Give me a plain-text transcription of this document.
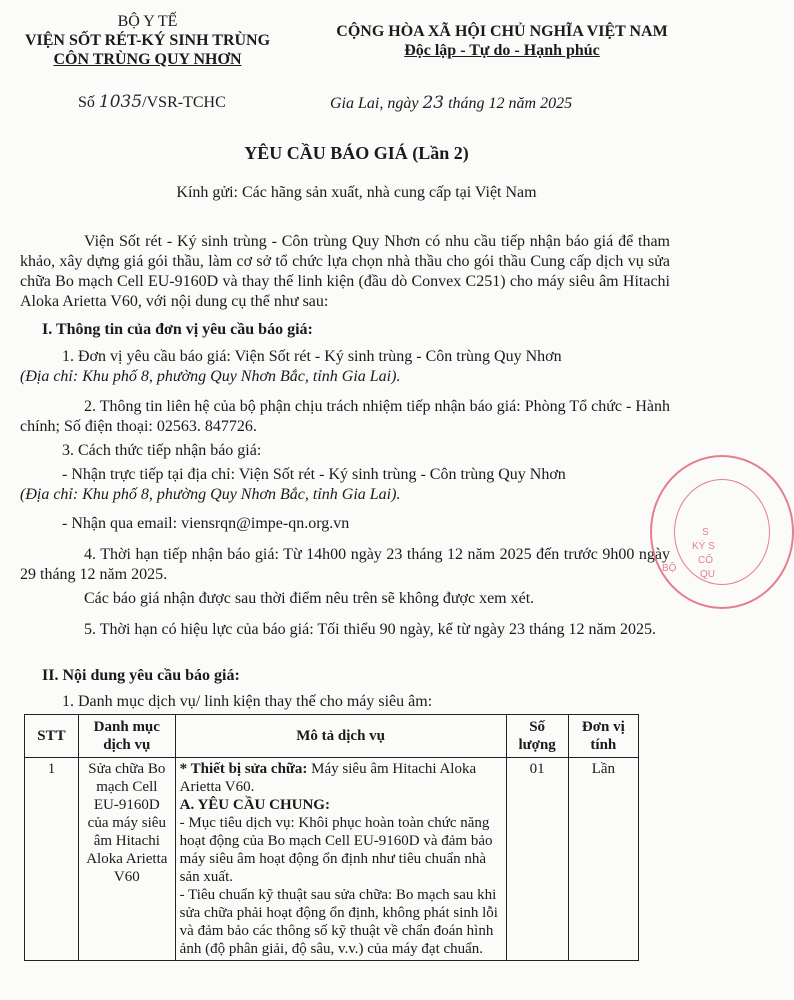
BỘ Y TẾ
VIỆN SỐT RÉT-KÝ SINH TRÙNG
CÔN TRÙNG QUY NHƠN
Số 1035/VSR-TCHC
CỘNG HÒA XÃ HỘI CHỦ NGHĨA VIỆT NAM
Độc lập - Tự do - Hạnh phúc
Gia Lai, ngày 23 tháng 12 năm 2025
YÊU CẦU BÁO GIÁ (Lần 2)
Kính gửi: Các hãng sản xuất, nhà cung cấp tại Việt Nam
Viện Sốt rét - Ký sinh trùng - Côn trùng Quy Nhơn có nhu cầu tiếp nhận báo giá để tham khảo, xây dựng giá gói thầu, làm cơ sở tổ chức lựa chọn nhà thầu cho gói thầu Cung cấp dịch vụ sửa chữa Bo mạch Cell EU-9160D và thay thế linh kiện (đầu dò Convex C251) cho máy siêu âm Hitachi Aloka Arietta V60, với nội dung cụ thể như sau:
I. Thông tin của đơn vị yêu cầu báo giá:
1. Đơn vị yêu cầu báo giá: Viện Sốt rét - Ký sinh trùng - Côn trùng Quy Nhơn
(Địa chỉ: Khu phố 8, phường Quy Nhơn Bắc, tỉnh Gia Lai).
2. Thông tin liên hệ của bộ phận chịu trách nhiệm tiếp nhận báo giá: Phòng Tổ chức - Hành chính; Số điện thoại: 02563. 847726.
3. Cách thức tiếp nhận báo giá:
- Nhận trực tiếp tại địa chỉ: Viện Sốt rét - Ký sinh trùng - Côn trùng Quy Nhơn
(Địa chỉ: Khu phố 8, phường Quy Nhơn Bắc, tỉnh Gia Lai).
- Nhận qua email: viensrqn@impe-qn.org.vn
4. Thời hạn tiếp nhận báo giá: Từ 14h00 ngày 23 tháng 12 năm 2025 đến trước 9h00 ngày 29 tháng 12 năm 2025.
Các báo giá nhận được sau thời điểm nêu trên sẽ không được xem xét.
5. Thời hạn có hiệu lực của báo giá: Tối thiểu 90 ngày, kể từ ngày 23 tháng 12 năm 2025.
II. Nội dung yêu cầu báo giá:
1. Danh mục dịch vụ/ linh kiện thay thế cho máy siêu âm:
STT	Danh mục dịch vụ	Mô tả dịch vụ	Số lượng	Đơn vị tính
1	Sửa chữa Bo mạch Cell EU-9160D của máy siêu âm Hitachi Aloka Arietta V60	* Thiết bị sửa chữa: Máy siêu âm Hitachi Aloka Arietta V60.
A. YÊU CẦU CHUNG:
- Mục tiêu dịch vụ: Khôi phục hoàn toàn chức năng hoạt động của Bo mạch Cell EU-9160D và đảm bảo máy siêu âm hoạt động ổn định như tiêu chuẩn nhà sản xuất.
- Tiêu chuẩn kỹ thuật sau sửa chữa: Bo mạch sau khi sửa chữa phải hoạt động ổn định, không phát sinh lỗi và đảm bảo các thông số kỹ thuật về chẩn đoán hình ảnh (độ phân giải, độ sâu, v.v.) của máy đạt chuẩn.	01	Lần
S
KÝ S
CÔ
QU
BỘ
